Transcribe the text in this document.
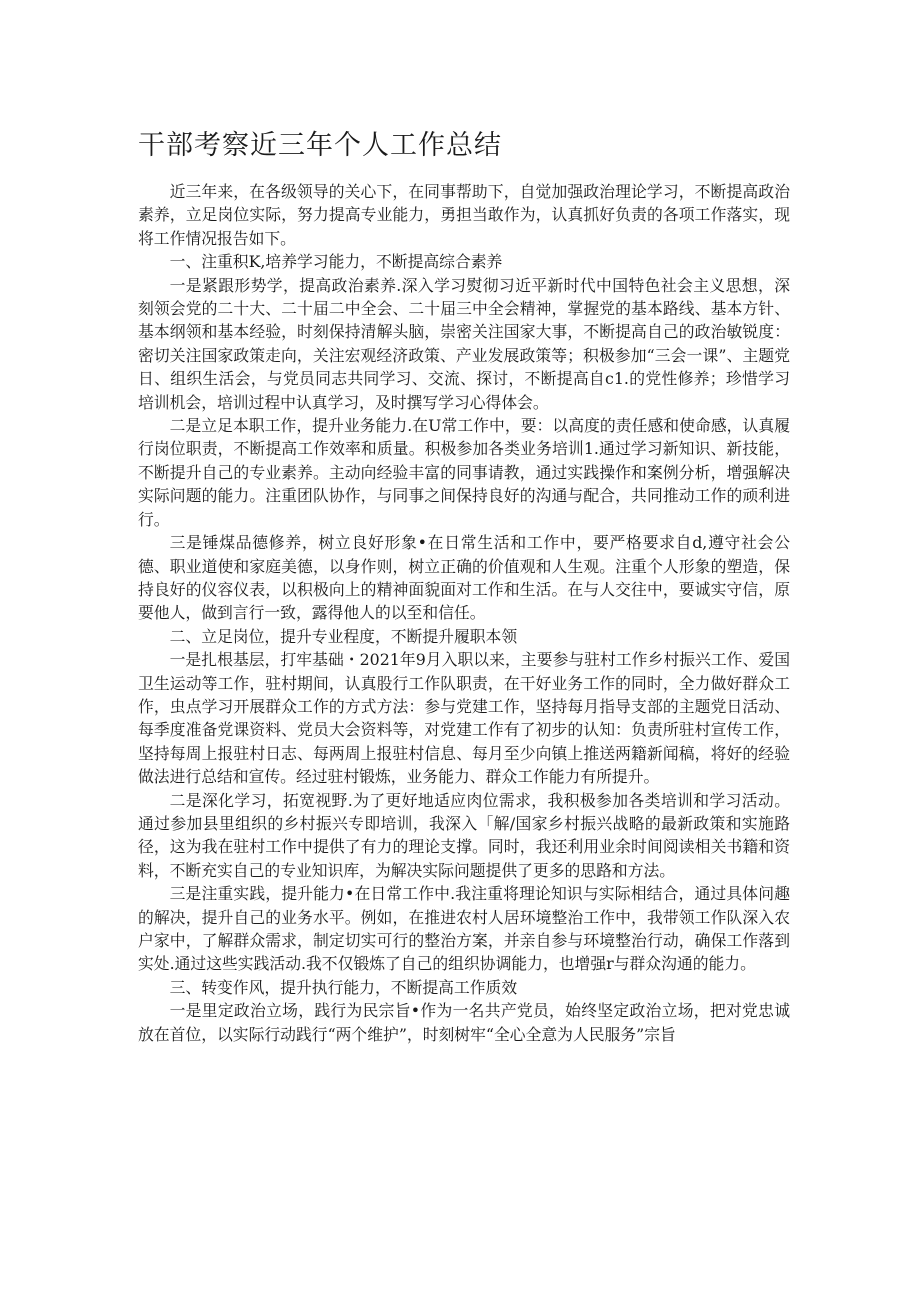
干部考察近三年个人工作总结

近三年来，在各级领导的关心下，在同事帮助下，自觉加强政治理论学习，不断提高政治素养，立足岗位实际，努力提高专业能力，勇担当敢作为，认真抓好负责的各项工作落实，现将工作情况报告如下。

一、注重积K,培养学习能力，不断提高综合素养

一是紧跟形势学，提高政治素养.深入学习熨彻习近平新时代中国特色社会主义思想，深刻领会党的二十大、二十届二中全会、二十届三中全会精神，掌握党的基本路线、基本方针、基本纲领和基本经验，时刻保持清解头脑，崇密关注国家大事，不断提高自己的政治敏锐度：密切关注国家政策走向，关注宏观经济政策、产业发展政策等；积极参加“三会一课”、主题党日、组织生活会，与党员同志共同学习、交流、探讨，不断提高自c1.的党性修养；珍惜学习培训机会，培训过程中认真学习，及时撰写学习心得体会。

二是立足本职工作，提升业务能力.在U常工作中，要：以高度的责任感和使命感，认真履行岗位职责，不断提高工作效率和质量。积极参加各类业务培训1.通过学习新知识、新技能，不断提升自己的专业素养。主动向经验丰富的同事请教，通过实践操作和案例分析，增强解决实际问题的能力。注重团队协作，与同事之间保持良好的沟通与配合，共同推动工作的顽利进行。

三是锤煤品德修养，树立良好形象•在日常生活和工作中，要严格要求自d,遵守社会公德、职业道使和家庭美德，以身作则，树立正确的价值观和人生观。注重个人形象的塑造，保持良好的仪容仪表，以积极向上的精神面貌面对工作和生活。在与人交往中，要诚实守信，原要他人，做到言行一致，露得他人的以至和信任。

二、立足岗位，提升专业程度，不断提升履职本领

一是扎根基层，打牢基础・2021年9月入职以来，主要参与驻村工作乡村振兴工作、爱国卫生运动等工作，驻村期间，认真股行工作队职责，在干好业务工作的同时，全力做好群众工作，虫点学习开展群众工作的方式方法：参与党建工作，坚持每月指导支部的主题党日活动、每季度准备党课资料、党员大会资料等，对党建工作有了初步的认知：负责所驻村宣传工作，坚持每周上报驻村日志、每两周上报驻村信息、每月至少向镇上推送两籍新闻稿，将好的经验做法进行总结和宣传。经过驻村锻炼，业务能力、群众工作能力有所提升。

二是深化学习，拓宽视野.为了更好地适应肉位需求，我积极参加各类培训和学习活动。通过参加县里组织的乡村振兴专即培训，我深入「解/国家乡村振兴战略的最新政策和实施路径，这为我在驻村工作中提供了有力的理论支撑。同时，我还利用业余时间阅读相关书籍和资料，不断充实自己的专业知识库，为解决实际问题提供了更多的思路和方法。

三是注重实践，提升能力•在日常工作中.我注重将理论知识与实际相结合，通过具体问趣的解决，提升自己的业务水平。例如，在推进农村人居环境整治工作中，我带领工作队深入农户家中，了解群众需求，制定切实可行的整治方案，并亲自参与环境整治行动，确保工作落到实处.通过这些实践活动.我不仅锻炼了自己的组织协调能力，也增强r与群众沟通的能力。

三、转变作风，提升执行能力，不断提高工作质效

一是里定政治立场，践行为民宗旨•作为一名共产党员，始终坚定政治立场，把对党忠诚放在首位，以实际行动践行“两个维护”，时刻树牢“全心全意为人民服务”宗旨
